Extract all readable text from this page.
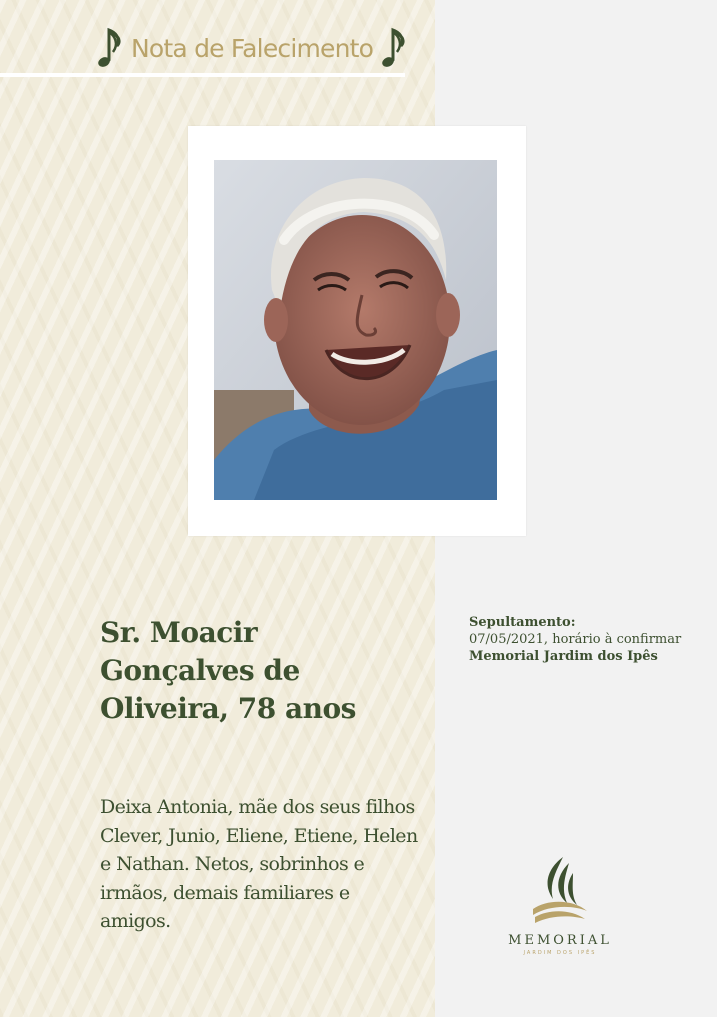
Nota de Falecimento
Sr. Moacir Gonçalves de Oliveira, 78 anos

Deixa Antonia, mãe dos seus filhos Clever, Junio, Eliene, Etiene, Helen e Nathan. Netos, sobrinhos e irmãos, demais familiares e amigos.

Sepultamento:
07/05/2021, horário à confirmar
Memorial Jardim dos Ipês
MEMORIAL
JARDIM DOS IPÊS
